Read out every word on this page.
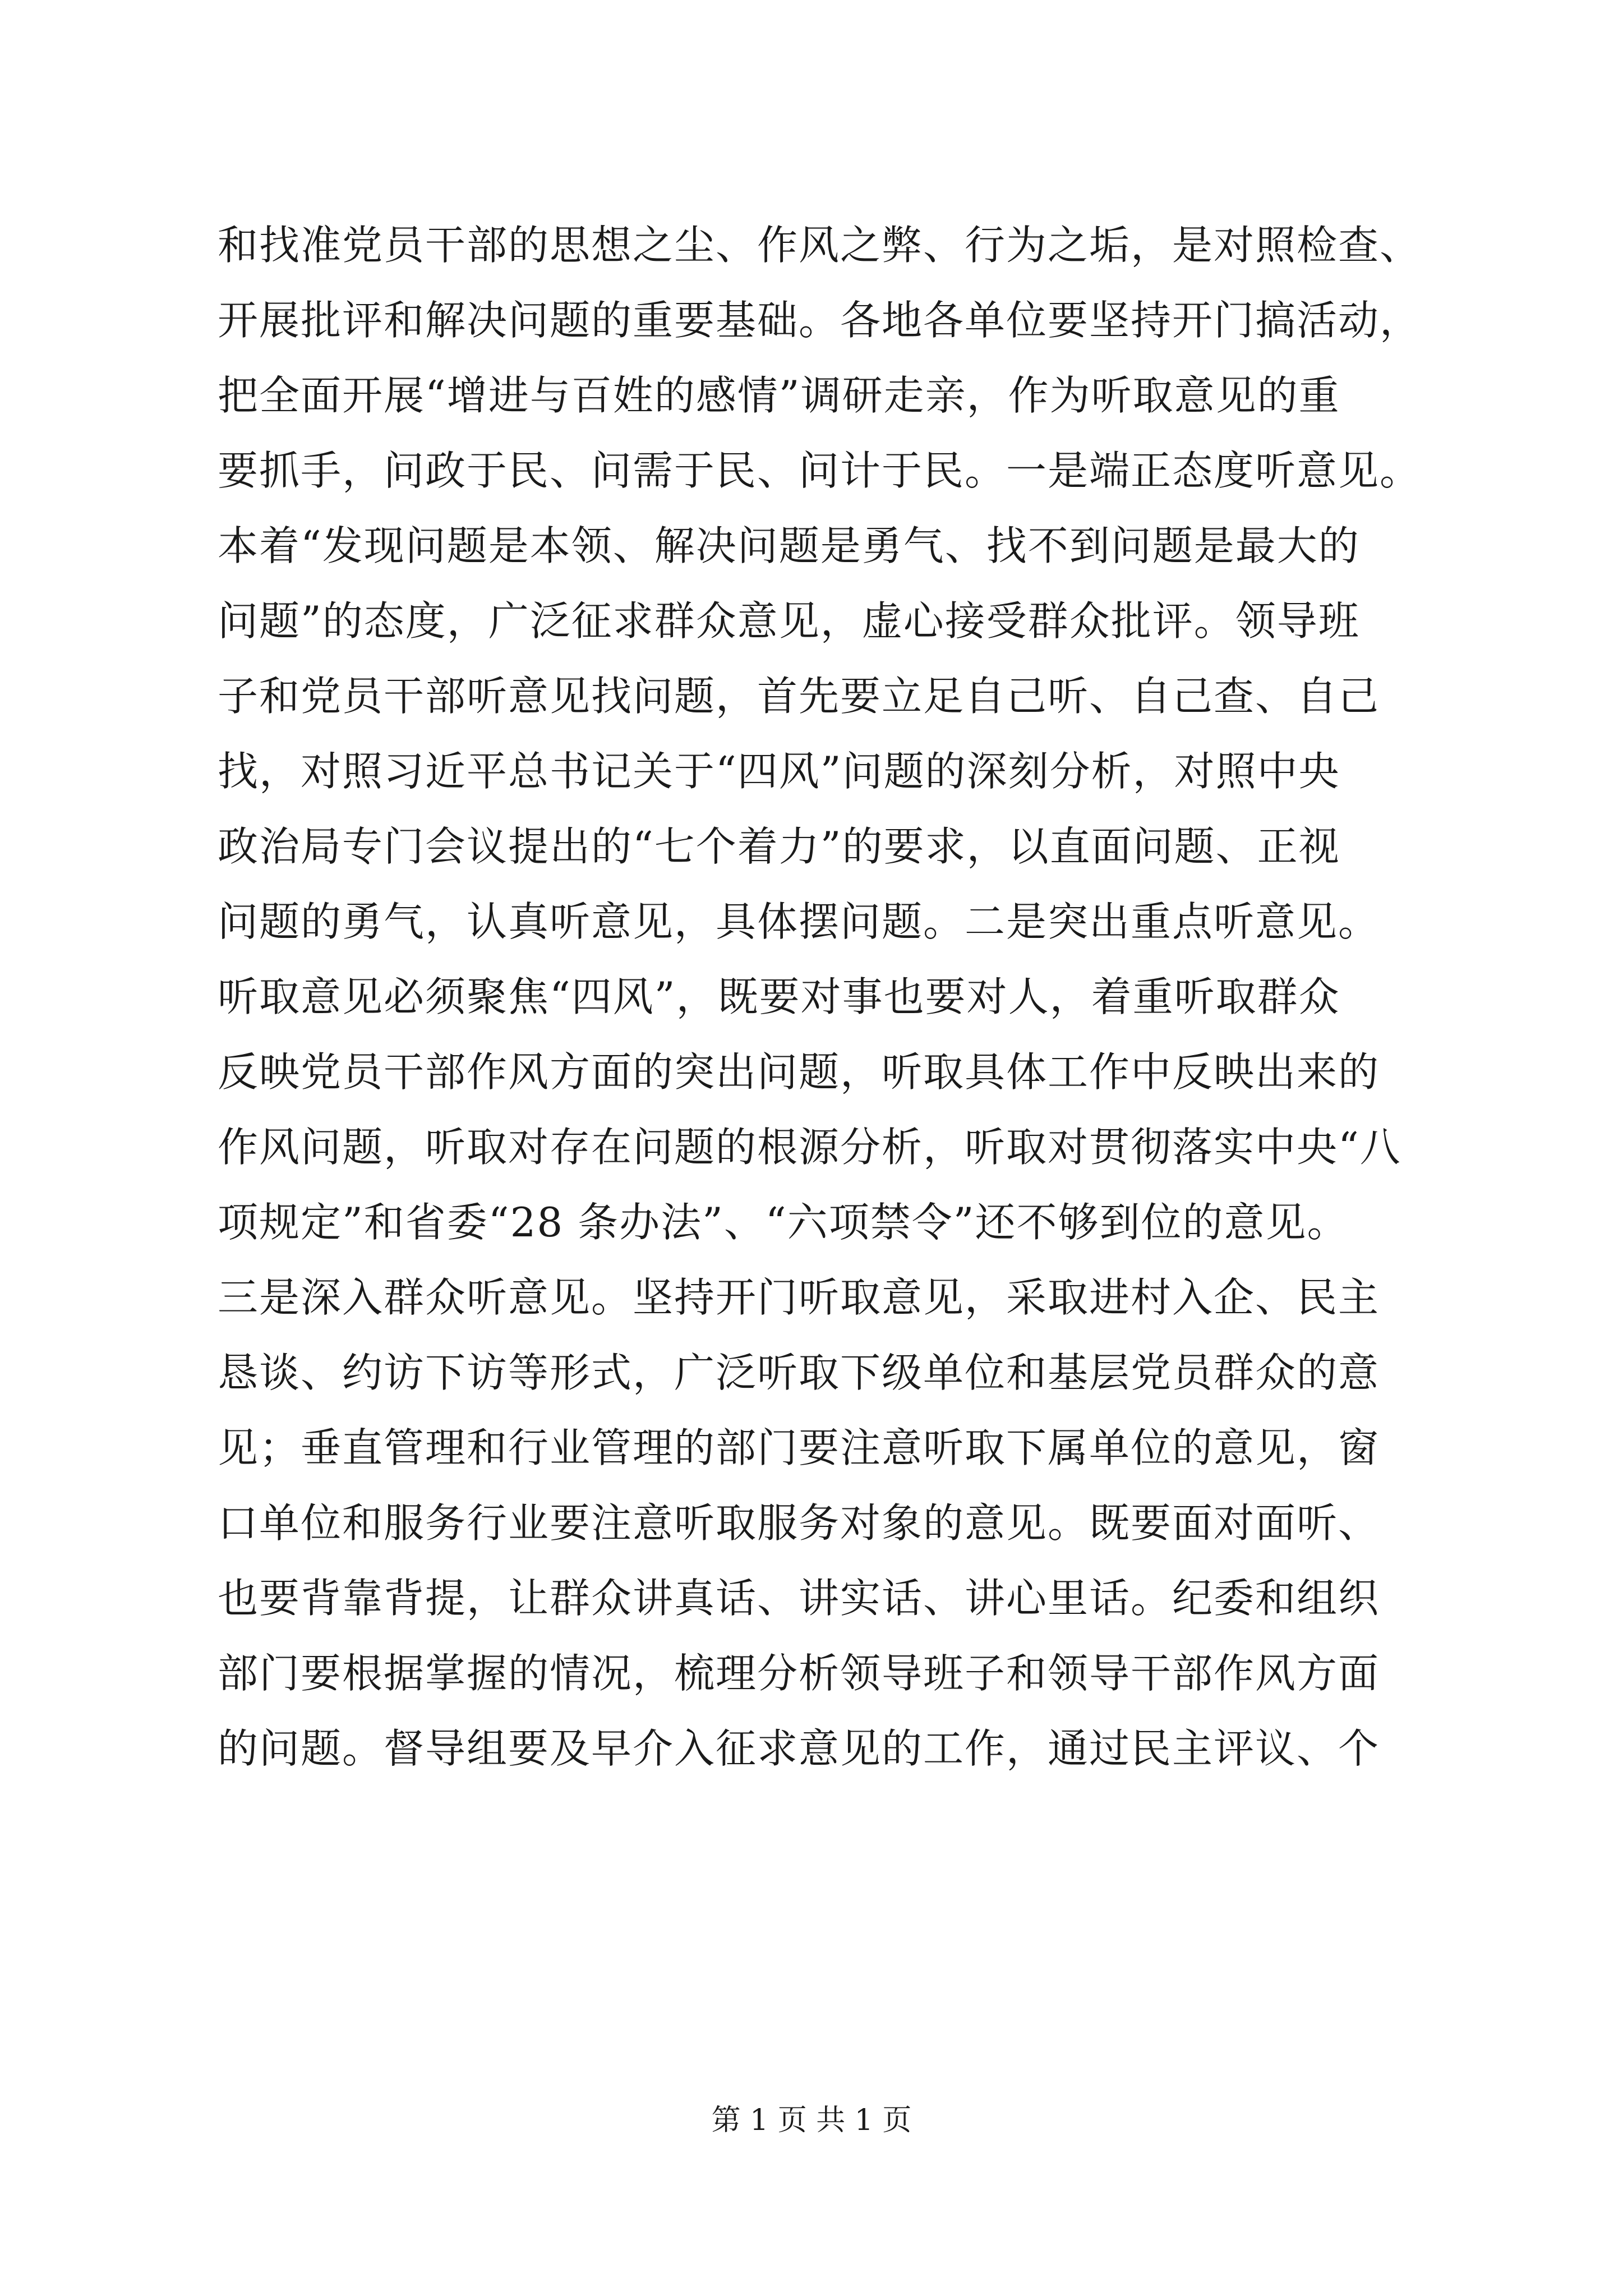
和找准党员干部的思想之尘、作风之弊、行为之垢，是对照检查、
开展批评和解决问题的重要基础。各地各单位要坚持开门搞活动，
把全面开展“增进与百姓的感情”调研走亲，作为听取意见的重
要抓手，问政于民、问需于民、问计于民。一是端正态度听意见。
本着“发现问题是本领、解决问题是勇气、找不到问题是最大的
问题”的态度，广泛征求群众意见，虚心接受群众批评。领导班
子和党员干部听意见找问题，首先要立足自己听、自己查、自己
找，对照习近平总书记关于“四风”问题的深刻分析，对照中央
政治局专门会议提出的“七个着力”的要求，以直面问题、正视
问题的勇气，认真听意见，具体摆问题。二是突出重点听意见。
听取意见必须聚焦“四风”，既要对事也要对人，着重听取群众
反映党员干部作风方面的突出问题，听取具体工作中反映出来的
作风问题，听取对存在问题的根源分析，听取对贯彻落实中央“八
项规定”和省委“28 条办法”、“六项禁令”还不够到位的意见。
三是深入群众听意见。坚持开门听取意见，采取进村入企、民主
恳谈、约访下访等形式，广泛听取下级单位和基层党员群众的意
见；垂直管理和行业管理的部门要注意听取下属单位的意见，窗
口单位和服务行业要注意听取服务对象的意见。既要面对面听、
也要背靠背提，让群众讲真话、讲实话、讲心里话。纪委和组织
部门要根据掌握的情况，梳理分析领导班子和领导干部作风方面
的问题。督导组要及早介入征求意见的工作，通过民主评议、个
第 1 页 共 1 页
